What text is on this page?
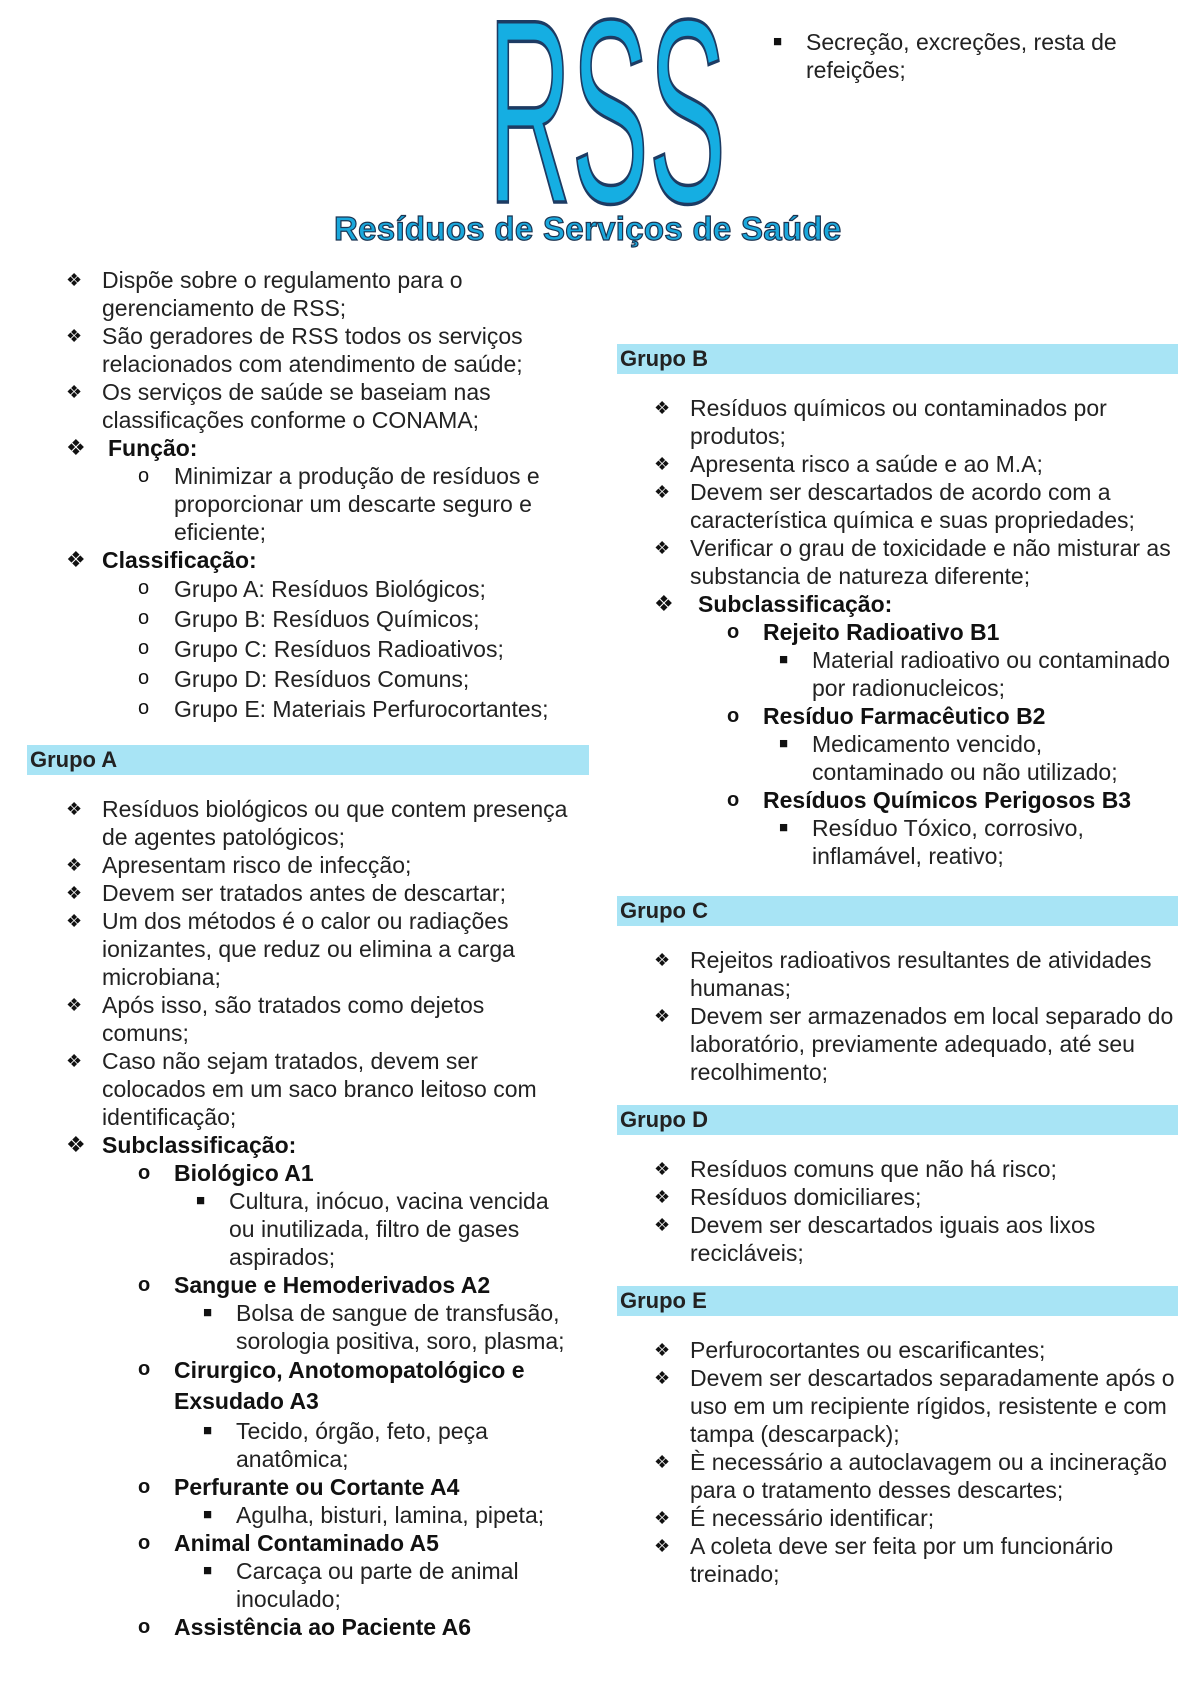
RSS
Resíduos de Serviços de Saúde
■ Secreção, excreções, resta de refeições;
❖ Dispõe sobre o regulamento para o gerenciamento de RSS;
❖ São geradores de RSS todos os serviços relacionados com atendimento de saúde;
❖ Os serviços de saúde se baseiam nas classificações conforme o CONAMA;
❖ Função:
o Minimizar a produção de resíduos e proporcionar um descarte seguro e eficiente;
❖ Classificação:
o Grupo A: Resíduos Biológicos;
o Grupo B: Resíduos Químicos;
o Grupo C: Resíduos Radioativos;
o Grupo D: Resíduos Comuns;
o Grupo E: Materiais Perfurocortantes;
Grupo A
❖ Resíduos biológicos ou que contem presença de agentes patológicos;
❖ Apresentam risco de infecção;
❖ Devem ser tratados antes de descartar;
❖ Um dos métodos é o calor ou radiações ionizantes, que reduz ou elimina a carga microbiana;
❖ Após isso, são tratados como dejetos comuns;
❖ Caso não sejam tratados, devem ser colocados em um saco branco leitoso com identificação;
❖ Subclassificação:
o Biológico A1
■ Cultura, inócuo, vacina vencida ou inutilizada, filtro de gases aspirados;
o Sangue e Hemoderivados A2
■ Bolsa de sangue de transfusão, sorologia positiva, soro, plasma;
o Cirurgico, Anotomopatológico e Exsudado A3
■ Tecido, órgão, feto, peça anatômica;
o Perfurante ou Cortante A4
■ Agulha, bisturi, lamina, pipeta;
o Animal Contaminado A5
■ Carcaça ou parte de animal inoculado;
o Assistência ao Paciente A6
Grupo B
❖ Resíduos químicos ou contaminados por produtos;
❖ Apresenta risco a saúde e ao M.A;
❖ Devem ser descartados de acordo com a característica química e suas propriedades;
❖ Verificar o grau de toxicidade e não misturar as substancia de natureza diferente;
❖ Subclassificação:
o Rejeito Radioativo B1
■ Material radioativo ou contaminado por radionucleicos;
o Resíduo Farmacêutico B2
■ Medicamento vencido, contaminado ou não utilizado;
o Resíduos Químicos Perigosos B3
■ Resíduo Tóxico, corrosivo, inflamável, reativo;
Grupo C
❖ Rejeitos radioativos resultantes de atividades humanas;
❖ Devem ser armazenados em local separado do laboratório, previamente adequado, até seu recolhimento;
Grupo D
❖ Resíduos comuns que não há risco;
❖ Resíduos domiciliares;
❖ Devem ser descartados iguais aos lixos recicláveis;
Grupo E
❖ Perfurocortantes ou escarificantes;
❖ Devem ser descartados separadamente após o uso em um recipiente rígidos, resistente e com tampa (descarpack);
❖ È necessário a autoclavagem ou a incineração para o tratamento desses descartes;
❖ É necessário identificar;
❖ A coleta deve ser feita por um funcionário treinado;
